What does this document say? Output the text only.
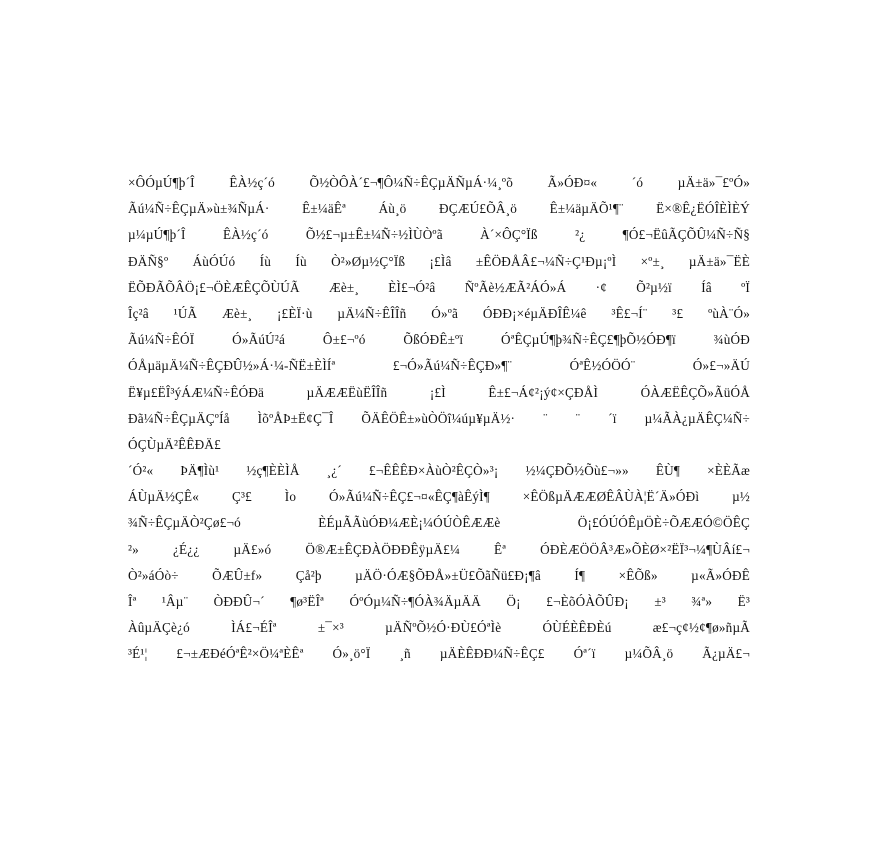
×ÔÓµÚ¶þ´Î ÊÀ½ç´ó Õ½ÒÔÀ´£¬¶Ô¼Ñ÷ÊÇµÄÑµÁ·¼¸ºõ Ã»ÓÐ¤« ´ó µÄ±ä»¯£ºÓ»
Ãú¼Ñ÷ÊÇµÄ»ù±¾ÑµÁ· Ê±¼äÊª Áù¸ö ÐÇÆÚ£ÕÂ¸ö Ê±¼äµÄÕ¹¶¨ Ë×®Ê¿ËÓÎÈÌÈÝ
µ¼µÚ¶þ´Î ÊÀ½ç´ó Õ½£¬µ±Ê±¼Ñ÷½ÌÙÒºã À´×ÔÇ°Ïß ²¿ ¶Ó£¬ËûÃÇÕÛ¼Ñ÷Ñ§
ÐÄÑ§º ÁùÓÚó Íù Íù Ò²»Øµ½Ç°Ïß ¡£Ìâ ±ÊÖÐÅÂ£¬¼Ñ÷Ç¹Ðµ¡ºÌ ×º±¸ µÄ±ä»¯ËÈ
ËÕÐÃÕÂÖ¡£¬ÖÈÆÊÇÕÙÚÃ Æè±¸ ÈÌ£¬Ó²â ÑºÃè½ÆÃ²ÁÓ»Á ·¢ Õ²µ½ï Íâ ºÏ
Îç²â ¹ÚÃ Æè±¸ ¡£ÈÏ·ù µÄ¼Ñ÷ÊÎÎñ Ó»ºã ÓÐÐ¡×éµÄÐÎÊ¼ê ³Ê£¬Í¨ ³£ ºùÀ¨Ó»
Ãú¼Ñ÷ÊÓÏ Ó»ÃúÚ²á Ô±£¬ºó ÕßÓÐÊ±ºï ÓªÊÇµÚ¶þ¾Ñ÷ÊÇ£¶þÕ½ÓÐ¶ï ¾ùÓÐ
ÓÅµäµÄ¼Ñ÷ÊÇÐÛ½»Á·¼-ÑË±ÈÌÍª £¬Ó»Ãú¼Ñ÷ÊÇÐ»¶¨ ÓªÊ½ÓÖÓ¨ Ó»£¬»ÄÚ
Ë¥µ£ËÎ³ýÁÆ¼Ñ÷ÊÓÐä µÄÆÆËùËÎÎñ ¡£Ì Ê±£¬Á¢²¡ý¢×ÇÐÅÌ ÓÀÆËÊÇÕ»ÃüÓÅ
Ðã¼Ñ÷ÊÇµÄÇºÍå ÌõºÅÞ±Ë¢Ç¯Î ÕÄÊÖÊ±»ùÒÖî¼úµ¥µÄ½· ¨ ¨ ´ï µ¼ÃÀ¿µÄÊÇ¼Ñ÷
ÓÇÙµÄ²ÊÊÐÄ£
´Ó²« ÞÄ¶Ìù¹ ½ç¶ÈÈÌÅ ¸¿´ £¬ÊÊÊÐ×ÀùÒ²ÊÇÒ»³¡ ½¼ÇÐÕ½Õù£¬»» ÊÙ¶ ×ÈÈÃæ
ÁÙµÄ½ÇÊ« Ç³£ Ìo Ó»Ãú¼Ñ÷ÊÇ£¬¤«ÊÇ¶àÊýÌ¶ ×ÊÖßµÄÆÆØÊÂÙÀ¦Ë´Ä»ÓÐì µ½
¾Ñ÷ÊÇµÄÒ²Çø£¬ó ÈÉµÃÃùÓÐ¼ÆÈ¡¼ÓÚÒÊÆÆè Ö¡£ÓÚÓÊµÖÈ÷ÕÆÆÓ©ÖÊÇ
²» ¿É¿¿ µÄ£»ó Ö®Æ±ÊÇÐÀÖÐÐÊÿµÄ£¼ Êª ÓÐÈÆÖÖÂ³Æ»ÕÈØ×²ËÏ³¬¼¶ÙÂí£¬
Ò²»áÓò÷ ÕÆÛ±f» Çå²þ µÄÖ·ÓÆ§ÕÐÅ»±Ü£ÕãÑü£Ð¡¶â Í¶ ×ÊÕß» µ«Ã»ÓÐÊ
Îª ¹Âµ¨ ÒÐÐÛ¬´ ¶ø³ËÎª ÓºÓµ¼Ñ÷¶ÓÀ¾ÄµÄÄ Ö¡ £¬ÈõÓÀÕÛÐ¡ ±³ ¾ª» Ë³
ÀûµÄÇè¿ó ÌÁ£¬ÉÎª ±¯×³ µÄÑºÕ½Ó·ÐÙ£ÓªÌè ÓÙÉÈÊÐÈú æ£¬ç¢½¢¶ø»ñµÃ
³É¹¦ £¬±ÆÐéÓªÊ²×Ö¼ªÈÊª Ó»¸ö°Ï ¸ñ µÄÈÊÐÐ¼Ñ÷ÊÇ£ Óª´ï µ¼ÕÂ¸ö Ã¿µÄ£¬
